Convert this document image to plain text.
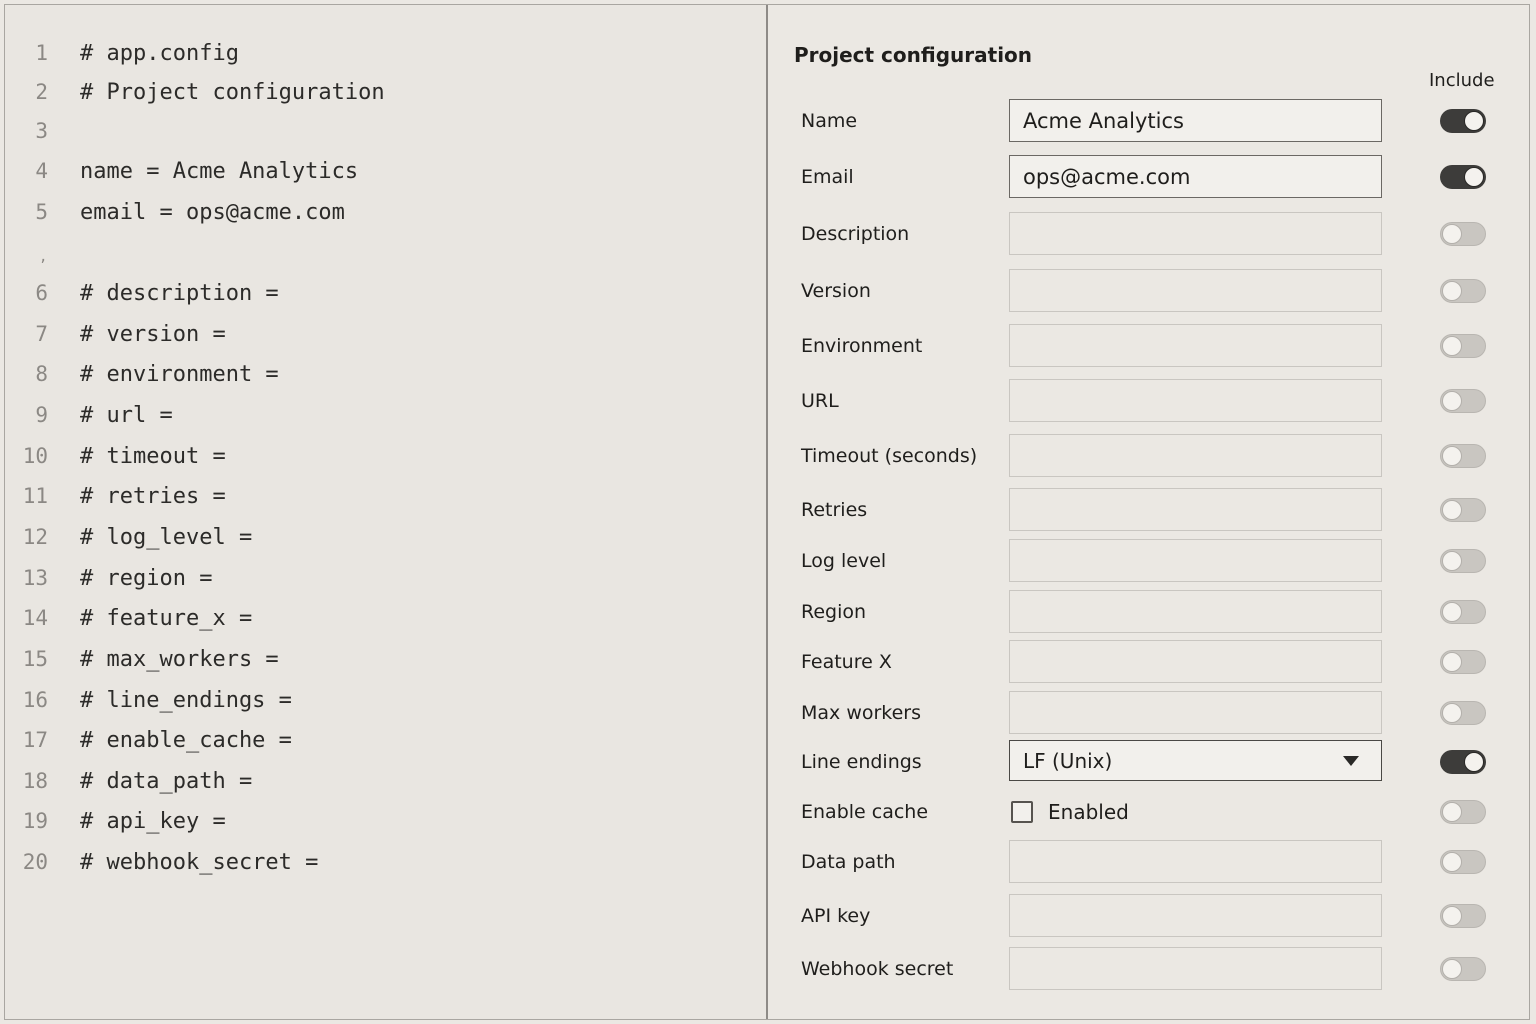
1 # app.config
2 # Project configuration
3
4 name = Acme Analytics
5 email = ops@acme.com
6 # description =
7 # version =
8 # environment =
9 # url =
10 # timeout =
11 # retries =
12 # log_level =
13 # region =
14 # feature_x =
15 # max_workers =
16 # line_endings =
17 # enable_cache =
18 # data_path =
19 # api_key =
20 # webhook_secret =
,
Project configuration
Include
Name
Acme Analytics
Email
ops@acme.com
Description
Version
Environment
URL
Timeout (seconds)
Retries
Log level
Region
Feature X
Max workers
Line endings	LF (Unix)
Enable cache	Enabled
Data path
API key
Webhook secret
